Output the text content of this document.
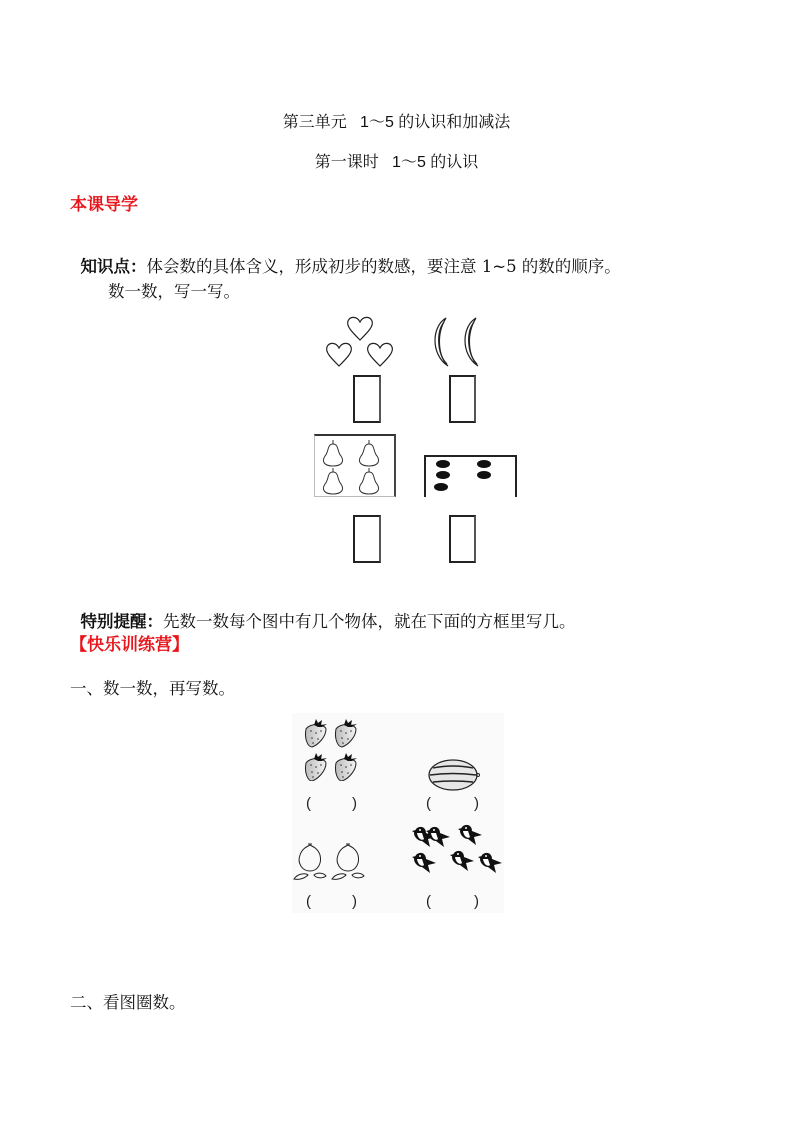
第三单元   1～5 的认识和加减法
第一课时   1～5 的认识
本课导学

知识点：体会数的具体含义，形成初步的数感，要注意 1~5 的数的顺序。

数一数，写一写。

特别提醒：先数一数每个图中有几个物体，就在下面的方框里写几。

【快乐训练营】
一、数一数，再写数。
(	)	(	)
(	)	(	)
二、看图圈数。
